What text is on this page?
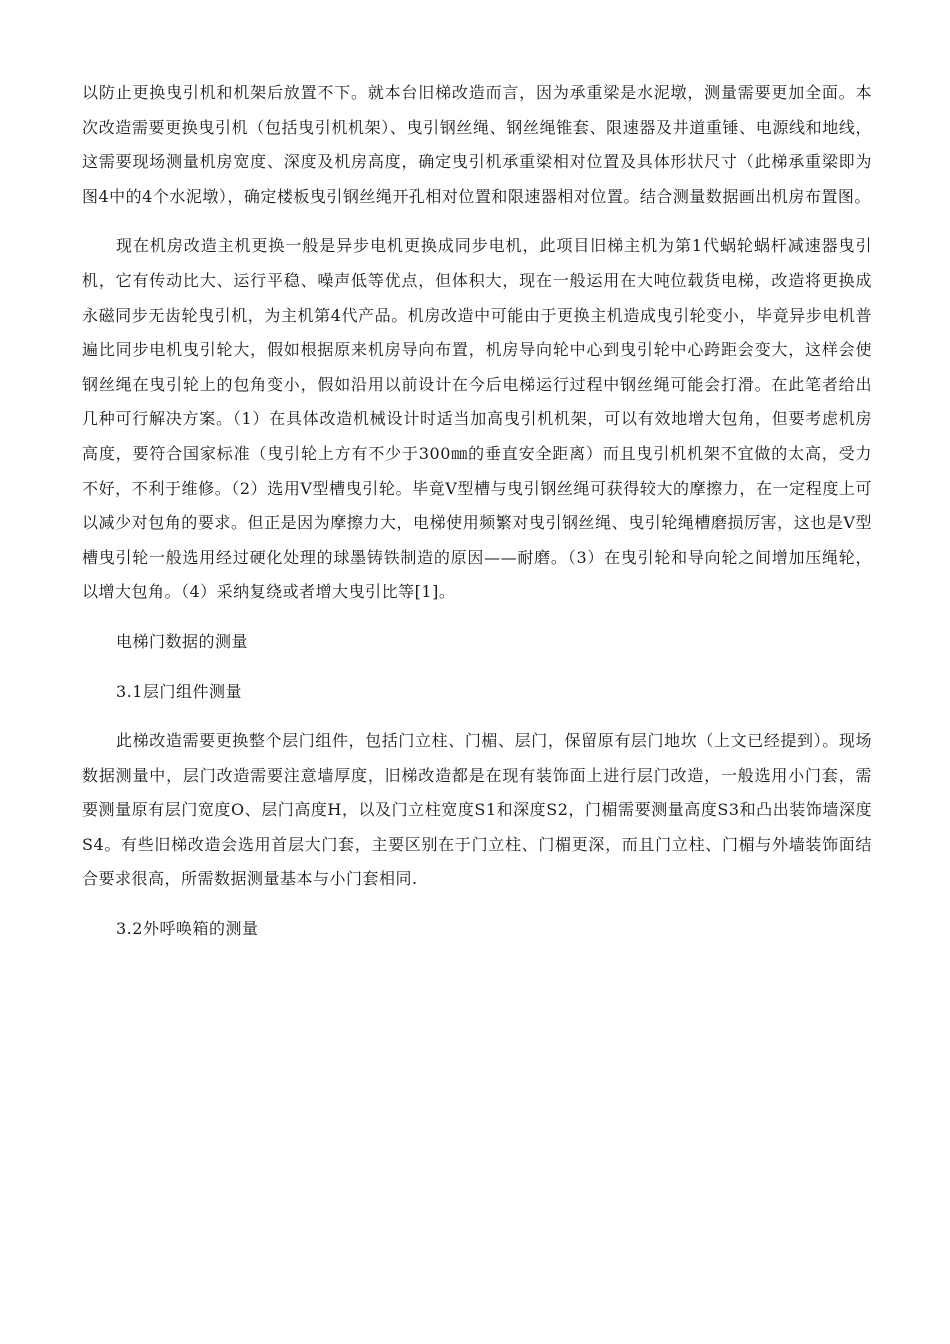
以防止更换曳引机和机架后放置不下。就本台旧梯改造而言，因为承重梁是水泥墩，测量需要更加全面。本次改造需要更换曳引机（包括曳引机机架）、曳引钢丝绳、钢丝绳锥套、限速器及井道重锤、电源线和地线，这需要现场测量机房宽度、深度及机房高度，确定曳引机承重梁相对位置及具体形状尺寸（此梯承重梁即为图4中的4个水泥墩），确定楼板曳引钢丝绳开孔相对位置和限速器相对位置。结合测量数据画出机房布置图。

现在机房改造主机更换一般是异步电机更换成同步电机，此项目旧梯主机为第1代蜗轮蜗杆减速器曳引机，它有传动比大、运行平稳、噪声低等优点，但体积大，现在一般运用在大吨位载货电梯，改造将更换成永磁同步无齿轮曳引机，为主机第4代产品。机房改造中可能由于更换主机造成曳引轮变小，毕竟异步电机普遍比同步电机曳引轮大，假如根据原来机房导向布置，机房导向轮中心到曳引轮中心跨距会变大，这样会使钢丝绳在曳引轮上的包角变小，假如沿用以前设计在今后电梯运行过程中钢丝绳可能会打滑。在此笔者给出几种可行解决方案。（1）在具体改造机械设计时适当加高曳引机机架，可以有效地增大包角，但要考虑机房高度，要符合国家标准（曳引轮上方有不少于300㎜的垂直安全距离）而且曳引机机架不宜做的太高，受力不好，不利于维修。（2）选用V型槽曳引轮。毕竟V型槽与曳引钢丝绳可获得较大的摩擦力，在一定程度上可以减少对包角的要求。但正是因为摩擦力大，电梯使用频繁对曳引钢丝绳、曳引轮绳槽磨损厉害，这也是V型槽曳引轮一般选用经过硬化处理的球墨铸铁制造的原因——耐磨。（3）在曳引轮和导向轮之间增加压绳轮，以增大包角。（4）采纳复绕或者增大曳引比等[1]。

电梯门数据的测量

3.1层门组件测量

此梯改造需要更换整个层门组件，包括门立柱、门楣、层门，保留原有层门地坎（上文已经提到）。现场数据测量中，层门改造需要注意墙厚度，旧梯改造都是在现有装饰面上进行层门改造，一般选用小门套，需要测量原有层门宽度O、层门高度H，以及门立柱宽度S1和深度S2，门楣需要测量高度S3和凸出装饰墙深度S4。有些旧梯改造会选用首层大门套，主要区别在于门立柱、门楣更深，而且门立柱、门楣与外墙装饰面结合要求很高，所需数据测量基本与小门套相同.

3.2外呼唤箱的测量
